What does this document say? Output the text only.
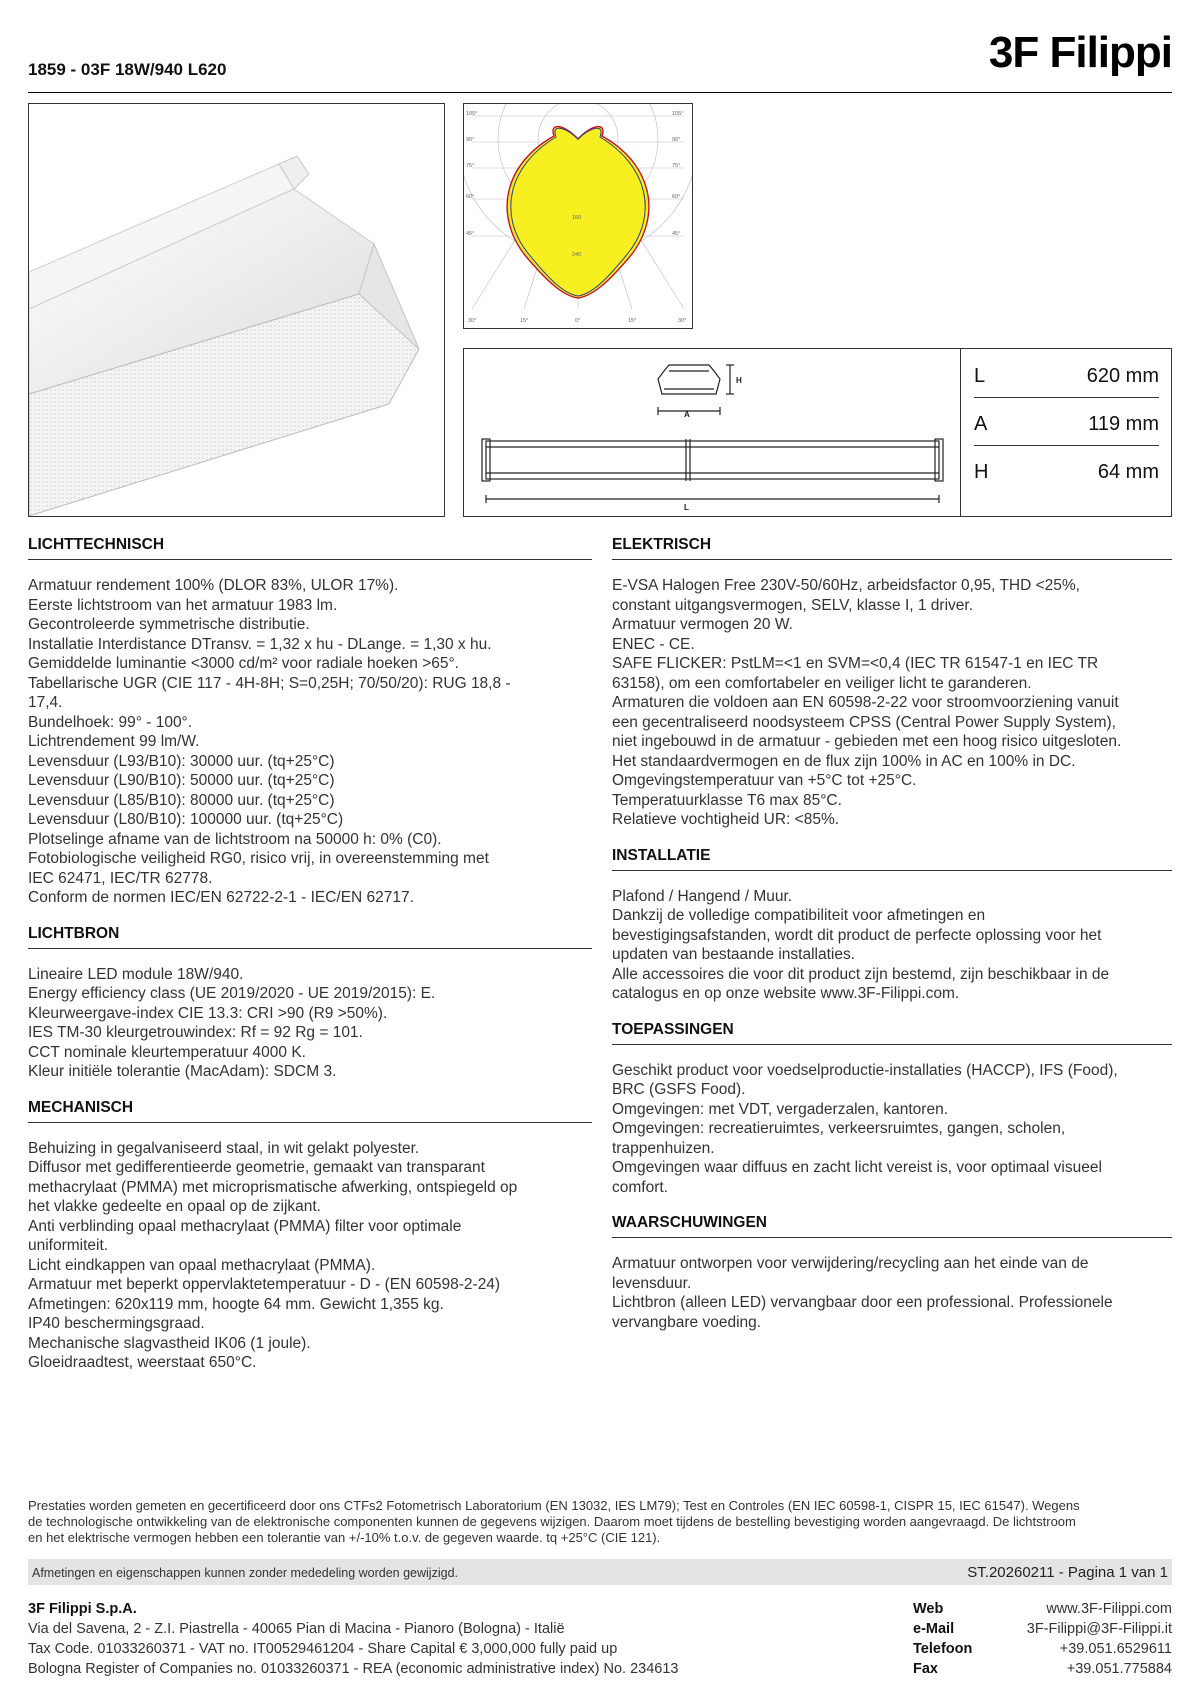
1859 - 03F 18W/940 L620	3F Filippi
105°
90°
75°
60°
45°
105°
90°
75°
60°
45°
30°	15°	0°	15°	30°
160
240
H
A
L
L	620 mm
A	119 mm
H	64 mm
LICHTTECHNISCH

Armatuur rendement 100% (DLOR 83%, ULOR 17%).

Eerste lichtstroom van het armatuur 1983 lm.

Gecontroleerde symmetrische distributie.

Installatie Interdistance DTransv. = 1,32 x hu - DLange. = 1,30 x hu.

Gemiddelde luminantie <3000 cd/m² voor radiale hoeken >65°.

Tabellarische UGR (CIE 117 - 4H-8H; S=0,25H; 70/50/20): RUG 18,8 -

17,4.

Bundelhoek: 99° - 100°.

Lichtrendement 99 lm/W.

Levensduur (L93/B10): 30000 uur. (tq+25°C)

Levensduur (L90/B10): 50000 uur. (tq+25°C)

Levensduur (L85/B10): 80000 uur. (tq+25°C)

Levensduur (L80/B10): 100000 uur. (tq+25°C)

Plotselinge afname van de lichtstroom na 50000 h: 0% (C0).

Fotobiologische veiligheid RG0, risico vrij, in overeenstemming met

IEC 62471, IEC/TR 62778.

Conform de normen IEC/EN 62722-2-1 - IEC/EN 62717.

LICHTBRON

Lineaire LED module 18W/940.

Energy efficiency class (UE 2019/2020 - UE 2019/2015): E.

Kleurweergave-index CIE 13.3: CRI >90 (R9 >50%).

IES TM-30 kleurgetrouwindex: Rf = 92 Rg = 101.

CCT nominale kleurtemperatuur 4000 K.

Kleur initiële tolerantie (MacAdam): SDCM 3.

MECHANISCH

Behuizing in gegalvaniseerd staal, in wit gelakt polyester.

Diffusor met gedifferentieerde geometrie, gemaakt van transparant

methacrylaat (PMMA) met microprismatische afwerking, ontspiegeld op

het vlakke gedeelte en opaal op de zijkant.

Anti verblinding opaal methacrylaat (PMMA) filter voor optimale

uniformiteit.

Licht eindkappen van opaal methacrylaat (PMMA).

Armatuur met beperkt oppervlaktetemperatuur - D - (EN 60598-2-24)

Afmetingen: 620x119 mm, hoogte 64 mm. Gewicht 1,355 kg.

IP40 beschermingsgraad.

Mechanische slagvastheid IK06 (1 joule).

Gloeidraadtest, weerstaat 650°C.

ELEKTRISCH

E-VSA Halogen Free 230V-50/60Hz, arbeidsfactor 0,95, THD <25%,

constant uitgangsvermogen, SELV, klasse I, 1 driver.

Armatuur vermogen 20 W.

ENEC - CE.

SAFE FLICKER: PstLM=<1 en SVM=<0,4 (IEC TR 61547-1 en IEC TR

63158), om een comfortabeler en veiliger licht te garanderen.

Armaturen die voldoen aan EN 60598-2-22 voor stroomvoorziening vanuit

een gecentraliseerd noodsysteem CPSS (Central Power Supply System),

niet ingebouwd in de armatuur - gebieden met een hoog risico uitgesloten.

Het standaardvermogen en de flux zijn 100% in AC en 100% in DC.

Omgevingstemperatuur van +5°C tot +25°C.

Temperatuurklasse T6 max 85°C.

Relatieve vochtigheid UR: <85%.

INSTALLATIE

Plafond / Hangend / Muur.

Dankzij de volledige compatibiliteit voor afmetingen en

bevestigingsafstanden, wordt dit product de perfecte oplossing voor het

updaten van bestaande installaties.

Alle accessoires die voor dit product zijn bestemd, zijn beschikbaar in de

catalogus en op onze website www.3F-Filippi.com.

TOEPASSINGEN

Geschikt product voor voedselproductie-installaties (HACCP), IFS (Food),

BRC (GSFS Food).

Omgevingen: met VDT, vergaderzalen, kantoren.

Omgevingen: recreatieruimtes, verkeersruimtes, gangen, scholen,

trappenhuizen.

Omgevingen waar diffuus en zacht licht vereist is, voor optimaal visueel

comfort.

WAARSCHUWINGEN

Armatuur ontworpen voor verwijdering/recycling aan het einde van de

levensduur.

Lichtbron (alleen LED) vervangbaar door een professional. Professionele

vervangbare voeding.

Prestaties worden gemeten en gecertificeerd door ons CTFs2 Fotometrisch Laboratorium (EN 13032, IES LM79); Test en Controles (EN IEC 60598-1, CISPR 15, IEC 61547). Wegens
de technologische ontwikkeling van de elektronische componenten kunnen de gegevens wijzigen. Daarom moet tijdens de bestelling bevestiging worden aangevraagd. De lichtstroom
en het elektrische vermogen hebben een tolerantie van +/-10% t.o.v. de gegeven waarde. tq +25°C (CIE 121).
Afmetingen en eigenschappen kunnen zonder mededeling worden gewijzigd.	ST.20260211 - Pagina 1 van 1
3F Filippi S.p.A.
Via del Savena, 2 - Z.I. Piastrella - 40065 Pian di Macina - Pianoro (Bologna) - Italië
Tax Code. 01033260371 - VAT no. IT00529461204 - Share Capital € 3,000,000 fully paid up
Bologna Register of Companies no. 01033260371 - REA (economic administrative index) No. 234613
Web	www.3F-Filippi.com
e-Mail	3F-Filippi@3F-Filippi.it
Telefoon	+39.051.6529611
Fax	+39.051.775884
